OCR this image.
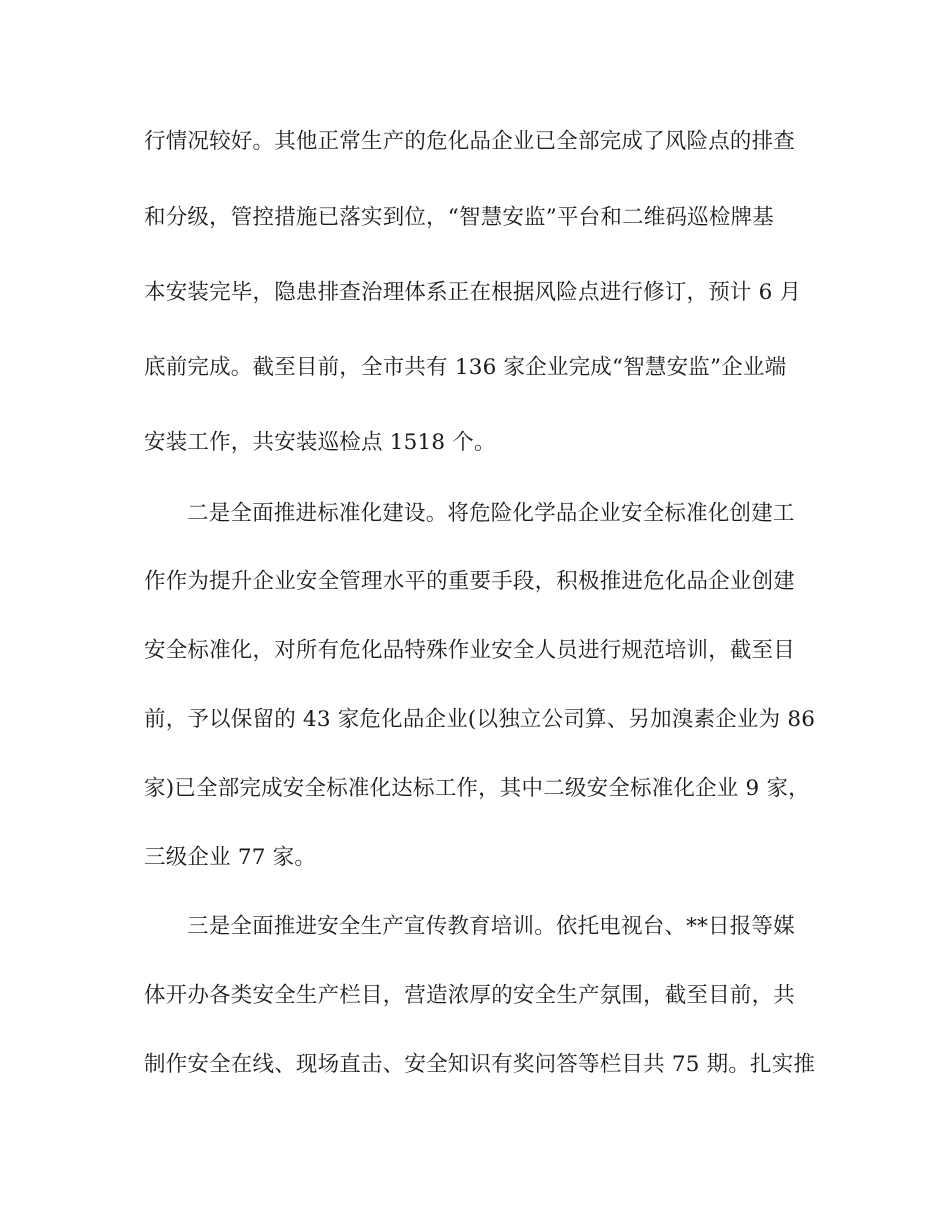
行情况较好。其他正常生产的危化品企业已全部完成了风险点的排查
和分级，管控措施已落实到位，“智慧安监”平台和二维码巡检牌基
本安装完毕，隐患排查治理体系正在根据风险点进行修订，预计 6 月
底前完成。截至目前，全市共有 136 家企业完成“智慧安监”企业端
安装工作，共安装巡检点 1518 个。
二是全面推进标准化建设。将危险化学品企业安全标准化创建工
作作为提升企业安全管理水平的重要手段，积极推进危化品企业创建
安全标准化，对所有危化品特殊作业安全人员进行规范培训，截至目
前，予以保留的 43 家危化品企业(以独立公司算、另加溴素企业为 86
家)已全部完成安全标准化达标工作，其中二级安全标准化企业 9 家，
三级企业 77 家。
三是全面推进安全生产宣传教育培训。依托电视台、**日报等媒
体开办各类安全生产栏目，营造浓厚的安全生产氛围，截至目前，共
制作安全在线、现场直击、安全知识有奖问答等栏目共 75 期。扎实推
